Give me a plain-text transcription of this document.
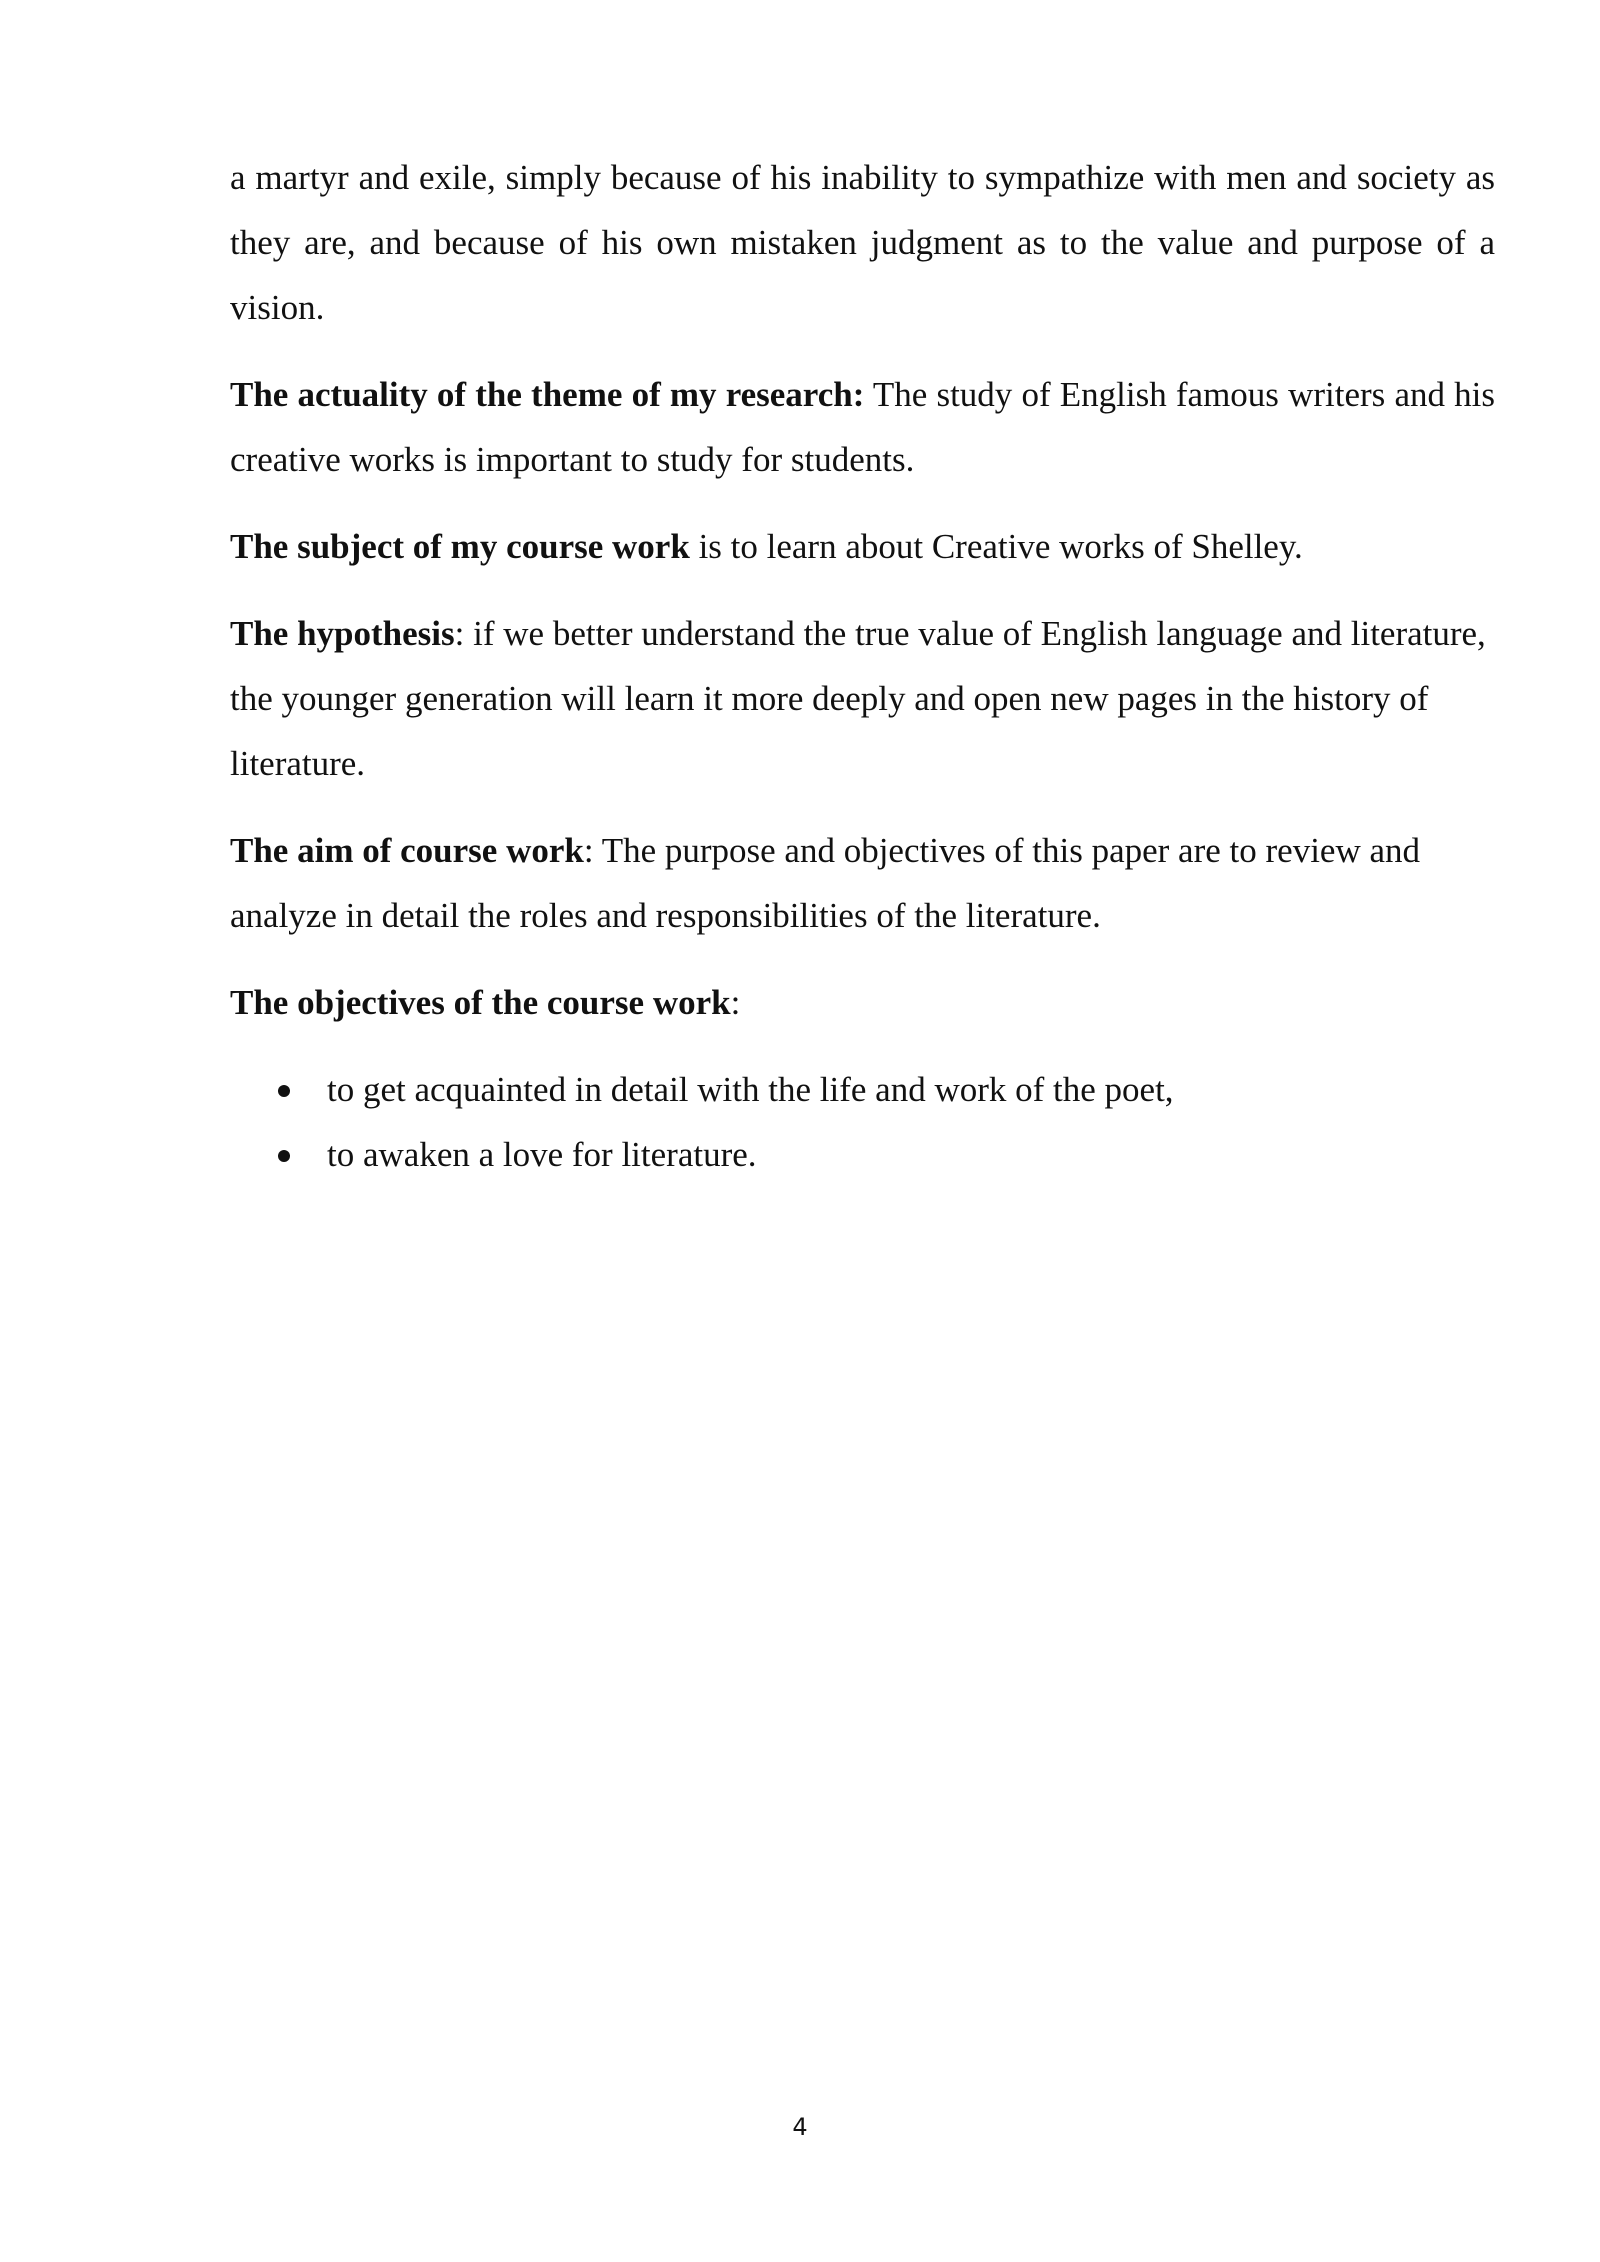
a martyr and exile, simply because of his inability to sympathize with men and society as they are, and because of his own mistaken judgment as to the value and purpose of a vision.

The actuality of the theme of my research: The study of English famous writers and his creative works is important to study for students.

The subject of my course work is to learn about Creative works of Shelley.

The hypothesis: if we better understand the true value of English language and literature, the younger generation will learn it more deeply and open new pages in the history of literature.

The aim of course work: The purpose and objectives of this paper are to review and analyze in detail the roles and responsibilities of the literature.

The objectives of the course work:

to get acquainted in detail with the life and work of the poet,
to awaken a love for literature.
4
